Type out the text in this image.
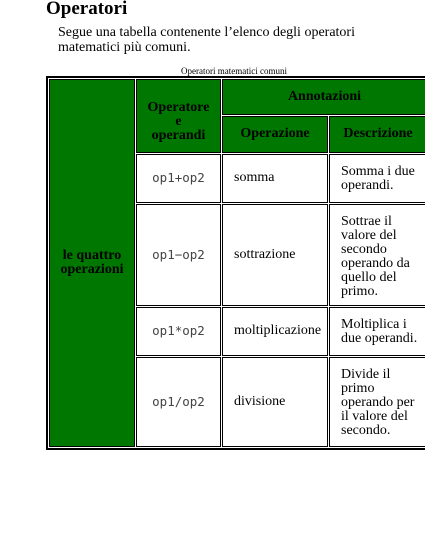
Operatori

Segue una tabella contenente l’elenco degli operatori matematici più comuni.

Operatori matematici comuni
le quattro operazioni	Operatore e operandi	Annotazioni	
		Operazione	Descrizione
	op1+op2	somma	Somma i due operandi.
	op1−op2	sottrazione	Sottrae il valore del secondo operando da quello del primo.
	op1*op2	moltiplicazione	Moltiplica i due operandi.
	op1/op2	divisione	Divide il primo operando per il valore del secondo.
